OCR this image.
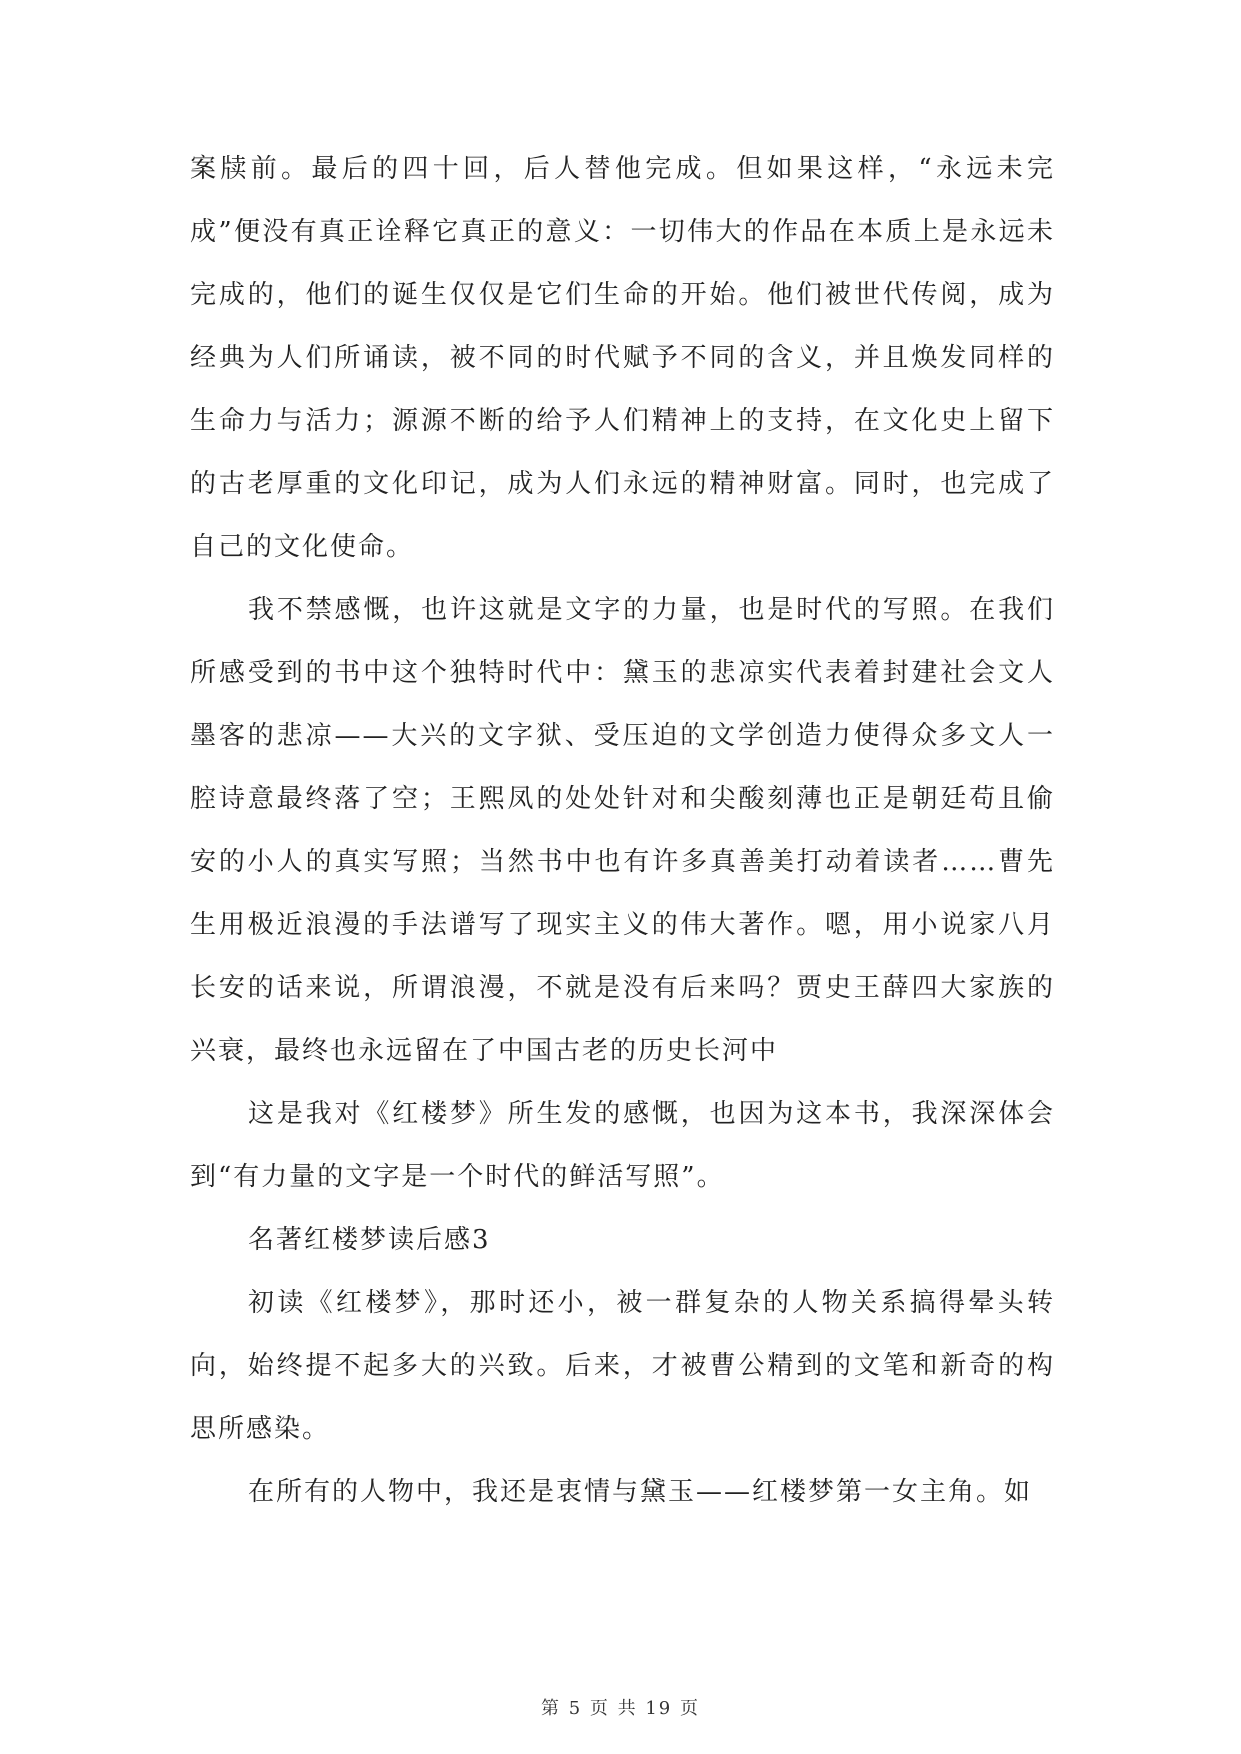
案牍前。最后的四十回，后人替他完成。但如果这样，“永远未完成”便没有真正诠释它真正的意义：一切伟大的作品在本质上是永远未完成的，他们的诞生仅仅是它们生命的开始。他们被世代传阅，成为经典为人们所诵读，被不同的时代赋予不同的含义，并且焕发同样的生命力与活力；源源不断的给予人们精神上的支持，在文化史上留下的古老厚重的文化印记，成为人们永远的精神财富。同时，也完成了自己的文化使命。

我不禁感慨，也许这就是文字的力量，也是时代的写照。在我们所感受到的书中这个独特时代中：黛玉的悲凉实代表着封建社会文人墨客的悲凉——大兴的文字狱、受压迫的文学创造力使得众多文人一腔诗意最终落了空；王熙凤的处处针对和尖酸刻薄也正是朝廷苟且偷安的小人的真实写照；当然书中也有许多真善美打动着读者……曹先生用极近浪漫的手法谱写了现实主义的伟大著作。嗯，用小说家八月长安的话来说，所谓浪漫，不就是没有后来吗？贾史王薛四大家族的兴衰，最终也永远留在了中国古老的历史长河中

这是我对《红楼梦》所生发的感慨，也因为这本书，我深深体会到“有力量的文字是一个时代的鲜活写照”。

名著红楼梦读后感3

初读《红楼梦》，那时还小，被一群复杂的人物关系搞得晕头转向，始终提不起多大的兴致。后来，才被曹公精到的文笔和新奇的构思所感染。

在所有的人物中，我还是衷情与黛玉——红楼梦第一女主角。如

第 5 页 共 19 页
